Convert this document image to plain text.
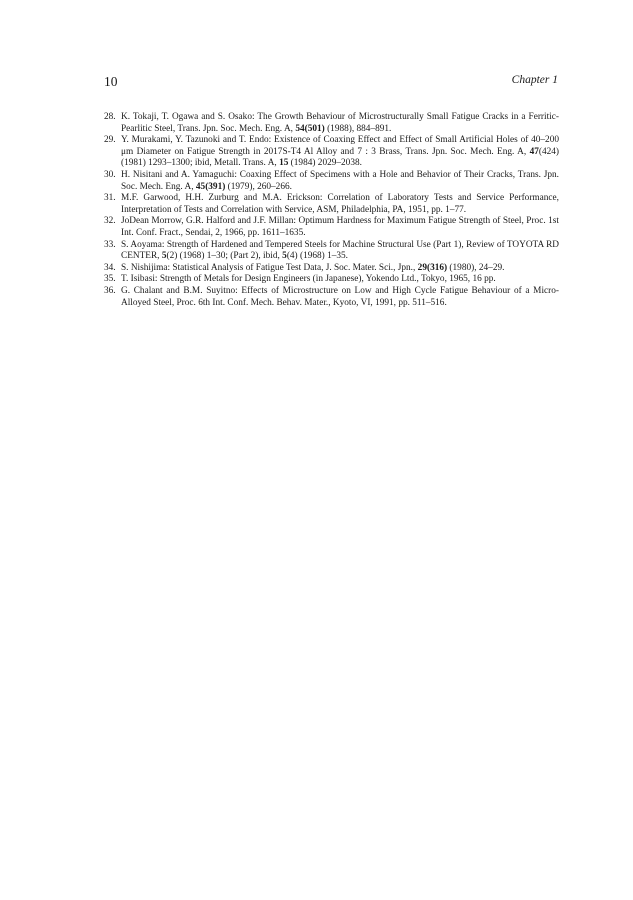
10	Chapter 1

28. K. Tokaji, T. Ogawa and S. Osako: The Growth Behaviour of Microstructurally Small Fatigue Cracks in a Ferritic-Pearlitic Steel, Trans. Jpn. Soc. Mech. Eng. A, 54(501) (1988), 884–891.

29. Y. Murakami, Y. Tazunoki and T. Endo: Existence of Coaxing Effect and Effect of Small Artificial Holes of 40–200 μm Diameter on Fatigue Strength in 2017S-T4 Al Alloy and 7 : 3 Brass, Trans. Jpn. Soc. Mech. Eng. A, 47(424) (1981) 1293–1300; ibid, Metall. Trans. A, 15 (1984) 2029–2038.

30. H. Nisitani and A. Yamaguchi: Coaxing Effect of Specimens with a Hole and Behavior of Their Cracks, Trans. Jpn. Soc. Mech. Eng. A, 45(391) (1979), 260–266.

31. M.F. Garwood, H.H. Zurburg and M.A. Erickson: Correlation of Laboratory Tests and Service Performance, Interpretation of Tests and Correlation with Service, ASM, Philadelphia, PA, 1951, pp. 1–77.

32. JoDean Morrow, G.R. Halford and J.F. Millan: Optimum Hardness for Maximum Fatigue Strength of Steel, Proc. 1st Int. Conf. Fract., Sendai, 2, 1966, pp. 1611–1635.

33. S. Aoyama: Strength of Hardened and Tempered Steels for Machine Structural Use (Part 1), Review of TOYOTA RD CENTER, 5(2) (1968) 1–30; (Part 2), ibid, 5(4) (1968) 1–35.

34. S. Nishijima: Statistical Analysis of Fatigue Test Data, J. Soc. Mater. Sci., Jpn., 29(316) (1980), 24–29.

35. T. Isibasi: Strength of Metals for Design Engineers (in Japanese), Yokendo Ltd., Tokyo, 1965, 16 pp.

36. G. Chalant and B.M. Suyitno: Effects of Microstructure on Low and High Cycle Fatigue Behaviour of a Micro-Alloyed Steel, Proc. 6th Int. Conf. Mech. Behav. Mater., Kyoto, VI, 1991, pp. 511–516.
